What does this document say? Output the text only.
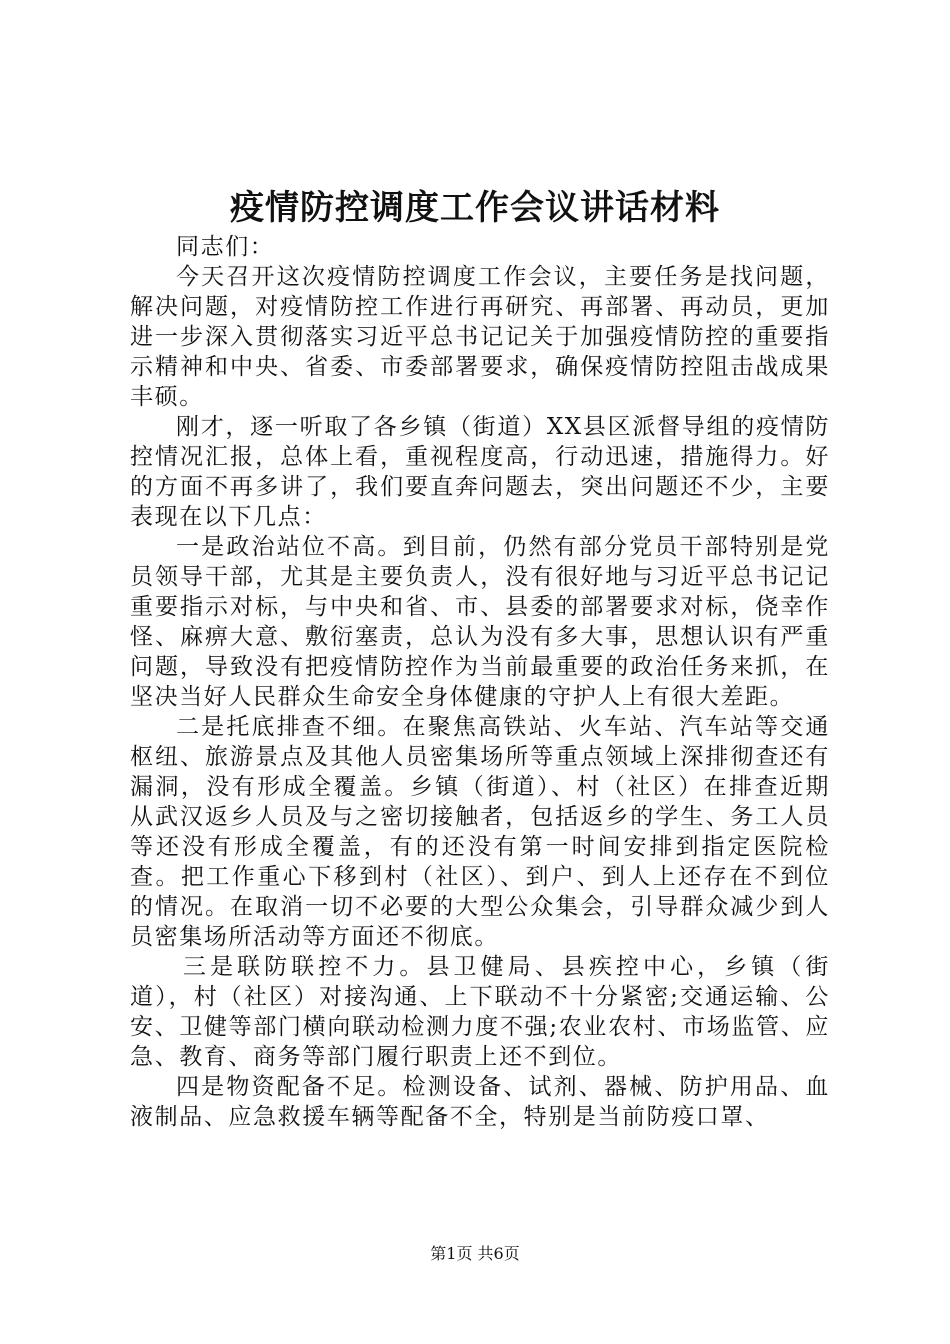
疫情防控调度工作会议讲话材料

同志们：

今天召开这次疫情防控调度工作会议，主要任务是找问题，解决问题，对疫情防控工作进行再研究、再部署、再动员，更加进一步深入贯彻落实习近平总书记记关于加强疫情防控的重要指示精神和中央、省委、市委部署要求，确保疫情防控阻击战成果丰硕。

刚才，逐一听取了各乡镇（街道）XX县区派督导组的疫情防控情况汇报，总体上看，重视程度高，行动迅速，措施得力。好的方面不再多讲了，我们要直奔问题去，突出问题还不少，主要表现在以下几点：

一是政治站位不高。到目前，仍然有部分党员干部特别是党员领导干部，尤其是主要负责人，没有很好地与习近平总书记记重要指示对标，与中央和省、市、县委的部署要求对标，侥幸作怪、麻痹大意、敷衍塞责，总认为没有多大事，思想认识有严重问题，导致没有把疫情防控作为当前最重要的政治任务来抓，在坚决当好人民群众生命安全身体健康的守护人上有很大差距。

二是托底排查不细。在聚焦高铁站、火车站、汽车站等交通枢纽、旅游景点及其他人员密集场所等重点领域上深排彻查还有漏洞，没有形成全覆盖。乡镇（街道）、村（社区）在排查近期从武汉返乡人员及与之密切接触者，包括返乡的学生、务工人员等还没有形成全覆盖，有的还没有第一时间安排到指定医院检查。把工作重心下移到村（社区）、到户、到人上还存在不到位的情况。在取消一切不必要的大型公众集会，引导群众减少到人员密集场所活动等方面还不彻底。

三是联防联控不力。县卫健局、县疾控中心，乡镇（街道），村（社区）对接沟通、上下联动不十分紧密;交通运输、公安、卫健等部门横向联动检测力度不强;农业农村、市场监管、应急、教育、商务等部门履行职责上还不到位。

四是物资配备不足。检测设备、试剂、器械、防护用品、血液制品、应急救援车辆等配备不全，特别是当前防疫口罩、

第1页 共6页
